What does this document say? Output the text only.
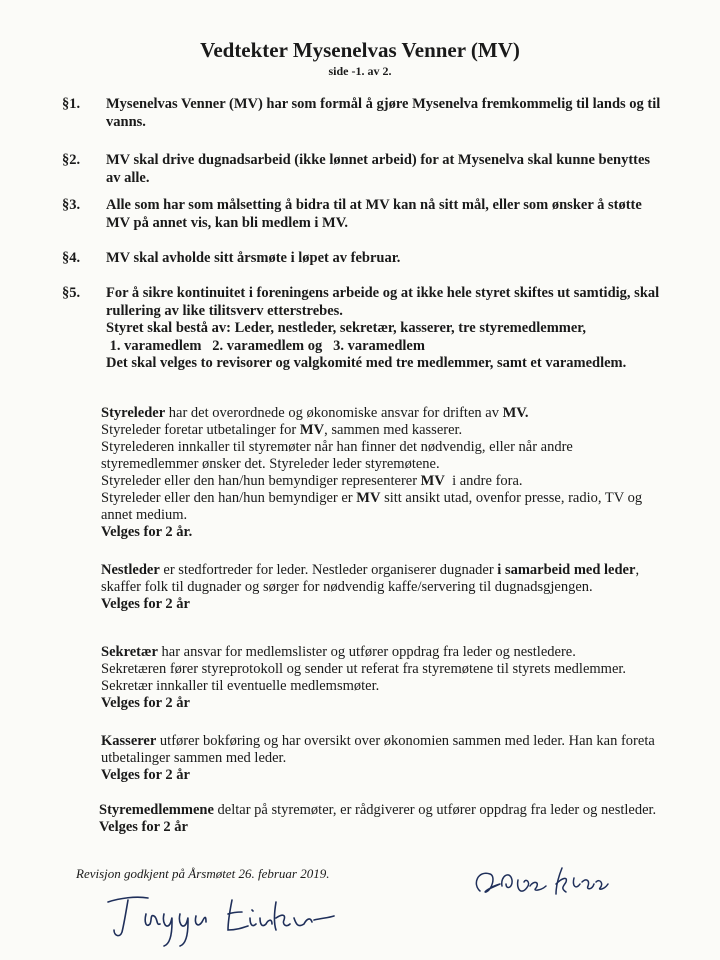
Vedtekter Mysenelvas Venner (MV)
side -1. av 2.
§1. Mysenelvas Venner (MV) har som formål å gjøre Mysenelva fremkommelig til lands og til vanns.
§2. MV skal drive dugnadsarbeid (ikke lønnet arbeid) for at Mysenelva skal kunne benyttes av alle.
§3. Alle som har som målsetting å bidra til at MV kan nå sitt mål, eller som ønsker å støtte MV på annet vis, kan bli medlem i MV.
§4. MV skal avholde sitt årsmøte i løpet av februar.
§5. For å sikre kontinuitet i foreningens arbeide og at ikke hele styret skiftes ut samtidig, skal rullering av like tilitsverv etterstrebes.
Styret skal bestå av: Leder, nestleder, sekretær, kasserer, tre styremedlemmer,
1. varamedlem   2. varamedlem og   3. varamedlem
Det skal velges to revisorer og valgkomité med tre medlemmer, samt et varamedlem.
Styreleder har det overordnede og økonomiske ansvar for driften av MV.
Styreleder foretar utbetalinger for MV, sammen med kasserer.
Styrelederen innkaller til styremøter når han finner det nødvendig, eller når andre styremedlemmer ønsker det. Styreleder leder styremøtene.
Styreleder eller den han/hun bemyndiger representerer MV  i andre fora.
Styreleder eller den han/hun bemyndiger er MV sitt ansikt utad, ovenfor presse, radio, TV og annet medium.
Velges for 2 år.
Nestleder er stedfortreder for leder. Nestleder organiserer dugnader i samarbeid med leder, skaffer folk til dugnader og sørger for nødvendig kaffe/servering til dugnadsgjengen.
Velges for 2 år
Sekretær har ansvar for medlemslister og utfører oppdrag fra leder og nestledere.
Sekretæren fører styreprotokoll og sender ut referat fra styremøtene til styrets medlemmer. Sekretær innkaller til eventuelle medlemsmøter.
Velges for 2 år
Kasserer utfører bokføring og har oversikt over økonomien sammen med leder. Han kan foreta utbetalinger sammen med leder.
Velges for 2 år
Styremedlemmene deltar på styremøter, er rådgiverer og utfører oppdrag fra leder og nestleder.
Velges for 2 år
Revisjon godkjent på Årsmøtet 26. februar 2019.
